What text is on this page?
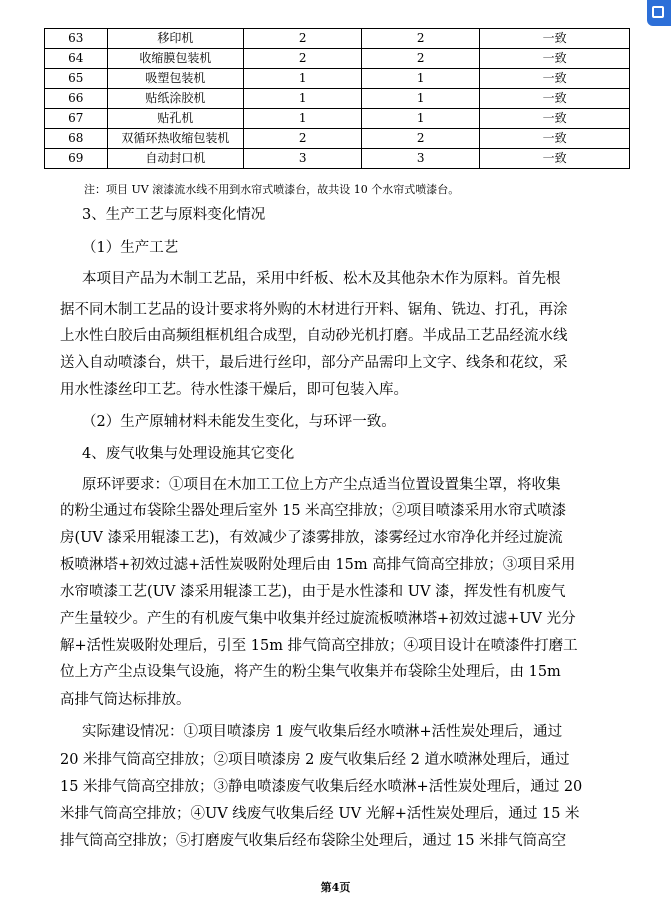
63	移印机	2	2	一致
64	收缩膜包装机	2	2	一致
65	吸塑包装机	1	1	一致
66	贴纸涂胶机	1	1	一致
67	贴孔机	1	1	一致
68	双循环热收缩包装机	2	2	一致
69	自动封口机	3	3	一致
注：项目 UV 滚漆流水线不用到水帘式喷漆台，故共设 10 个水帘式喷漆台。
3、生产工艺与原料变化情况
（1）生产工艺
本项目产品为木制工艺品，采用中纤板、松木及其他杂木作为原料。首先根
据不同木制工艺品的设计要求将外购的木材进行开料、锯角、铣边、打孔，再涂
上水性白胶后由高频组框机组合成型，自动砂光机打磨。半成品工艺品经流水线
送入自动喷漆台，烘干，最后进行丝印，部分产品需印上文字、线条和花纹，采
用水性漆丝印工艺。待水性漆干燥后，即可包装入库。
（2）生产原辅材料未能发生变化，与环评一致。
4、废气收集与处理设施其它变化
原环评要求：①项目在木加工工位上方产尘点适当位置设置集尘罩，将收集
的粉尘通过布袋除尘器处理后室外 15 米高空排放；②项目喷漆采用水帘式喷漆
房(UV 漆采用辊漆工艺)，有效减少了漆雾排放，漆雾经过水帘净化并经过旋流
板喷淋塔+初效过滤+活性炭吸附处理后由 15m 高排气筒高空排放；③项目采用
水帘喷漆工艺(UV 漆采用辊漆工艺)，由于是水性漆和 UV 漆，挥发性有机废气
产生量较少。产生的有机废气集中收集并经过旋流板喷淋塔+初效过滤+UV 光分
解+活性炭吸附处理后，引至 15m 排气筒高空排放；④项目设计在喷漆件打磨工
位上方产尘点设集气设施，将产生的粉尘集气收集并布袋除尘处理后，由 15m
高排气筒达标排放。
实际建设情况：①项目喷漆房 1 废气收集后经水喷淋+活性炭处理后，通过
20 米排气筒高空排放；②项目喷漆房 2 废气收集后经 2 道水喷淋处理后，通过
15 米排气筒高空排放；③静电喷漆废气收集后经水喷淋+活性炭处理后，通过 20
米排气筒高空排放；④UV 线废气收集后经 UV 光解+活性炭处理后，通过 15 米
排气筒高空排放；⑤打磨废气收集后经布袋除尘处理后，通过 15 米排气筒高空
第4页
